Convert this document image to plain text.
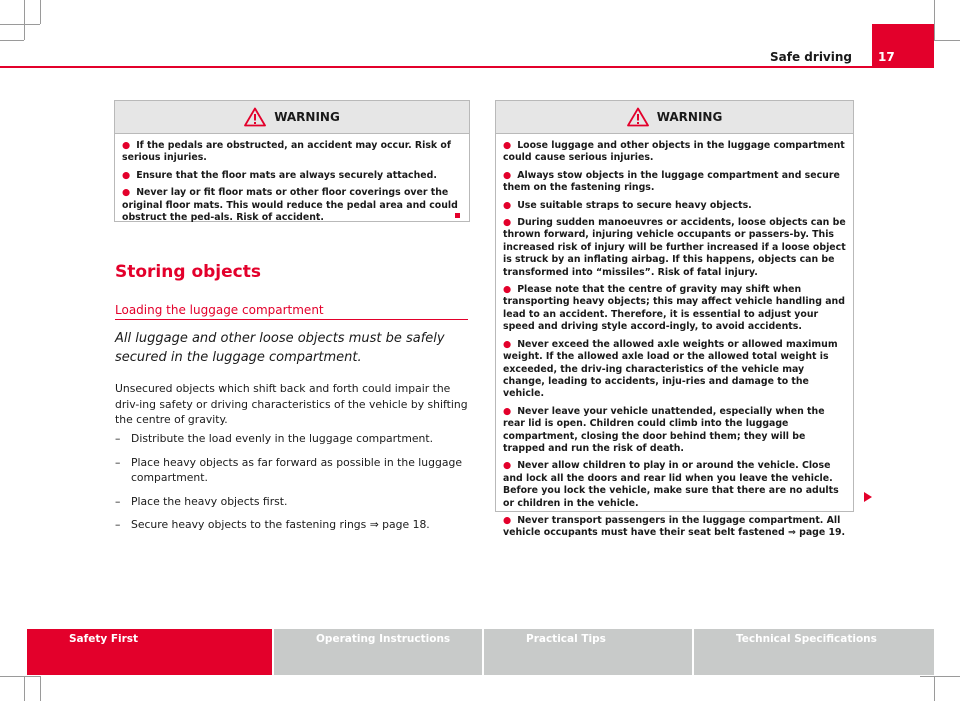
Safe driving	17
WARNING
● If the pedals are obstructed, an accident may occur. Risk of serious injuries.
● Ensure that the floor mats are always securely attached.
● Never lay or fit floor mats or other floor coverings over the original floor mats. This would reduce the pedal area and could obstruct the ped-als. Risk of accident.
Storing objects
Loading the luggage compartment
All luggage and other loose objects must be safely secured in the luggage compartment.
Unsecured objects which shift back and forth could impair the driv-ing safety or driving characteristics of the vehicle by shifting the centre of gravity.
– Distribute the load evenly in the luggage compartment.
– Place heavy objects as far forward as possible in the luggage compartment.
– Place the heavy objects first.
– Secure heavy objects to the fastening rings ⇒ page 18.
WARNING
● Loose luggage and other objects in the luggage compartment could cause serious injuries.
● Always stow objects in the luggage compartment and secure them on the fastening rings.
● Use suitable straps to secure heavy objects.
● During sudden manoeuvres or accidents, loose objects can be thrown forward, injuring vehicle occupants or passers-by. This increased risk of injury will be further increased if a loose object is struck by an inflating airbag. If this happens, objects can be transformed into “missiles”. Risk of fatal injury.
● Please note that the centre of gravity may shift when transporting heavy objects; this may affect vehicle handling and lead to an accident. Therefore, it is essential to adjust your speed and driving style accord-ingly, to avoid accidents.
● Never exceed the allowed axle weights or allowed maximum weight. If the allowed axle load or the allowed total weight is exceeded, the driv-ing characteristics of the vehicle may change, leading to accidents, inju-ries and damage to the vehicle.
● Never leave your vehicle unattended, especially when the rear lid is open. Children could climb into the luggage compartment, closing the door behind them; they will be trapped and run the risk of death.
● Never allow children to play in or around the vehicle. Close and lock all the doors and rear lid when you leave the vehicle. Before you lock the vehicle, make sure that there are no adults or children in the vehicle.
● Never transport passengers in the luggage compartment. All vehicle occupants must have their seat belt fastened ⇒ page 19.
Safety First	Operating Instructions	Practical Tips	Technical Specifications
